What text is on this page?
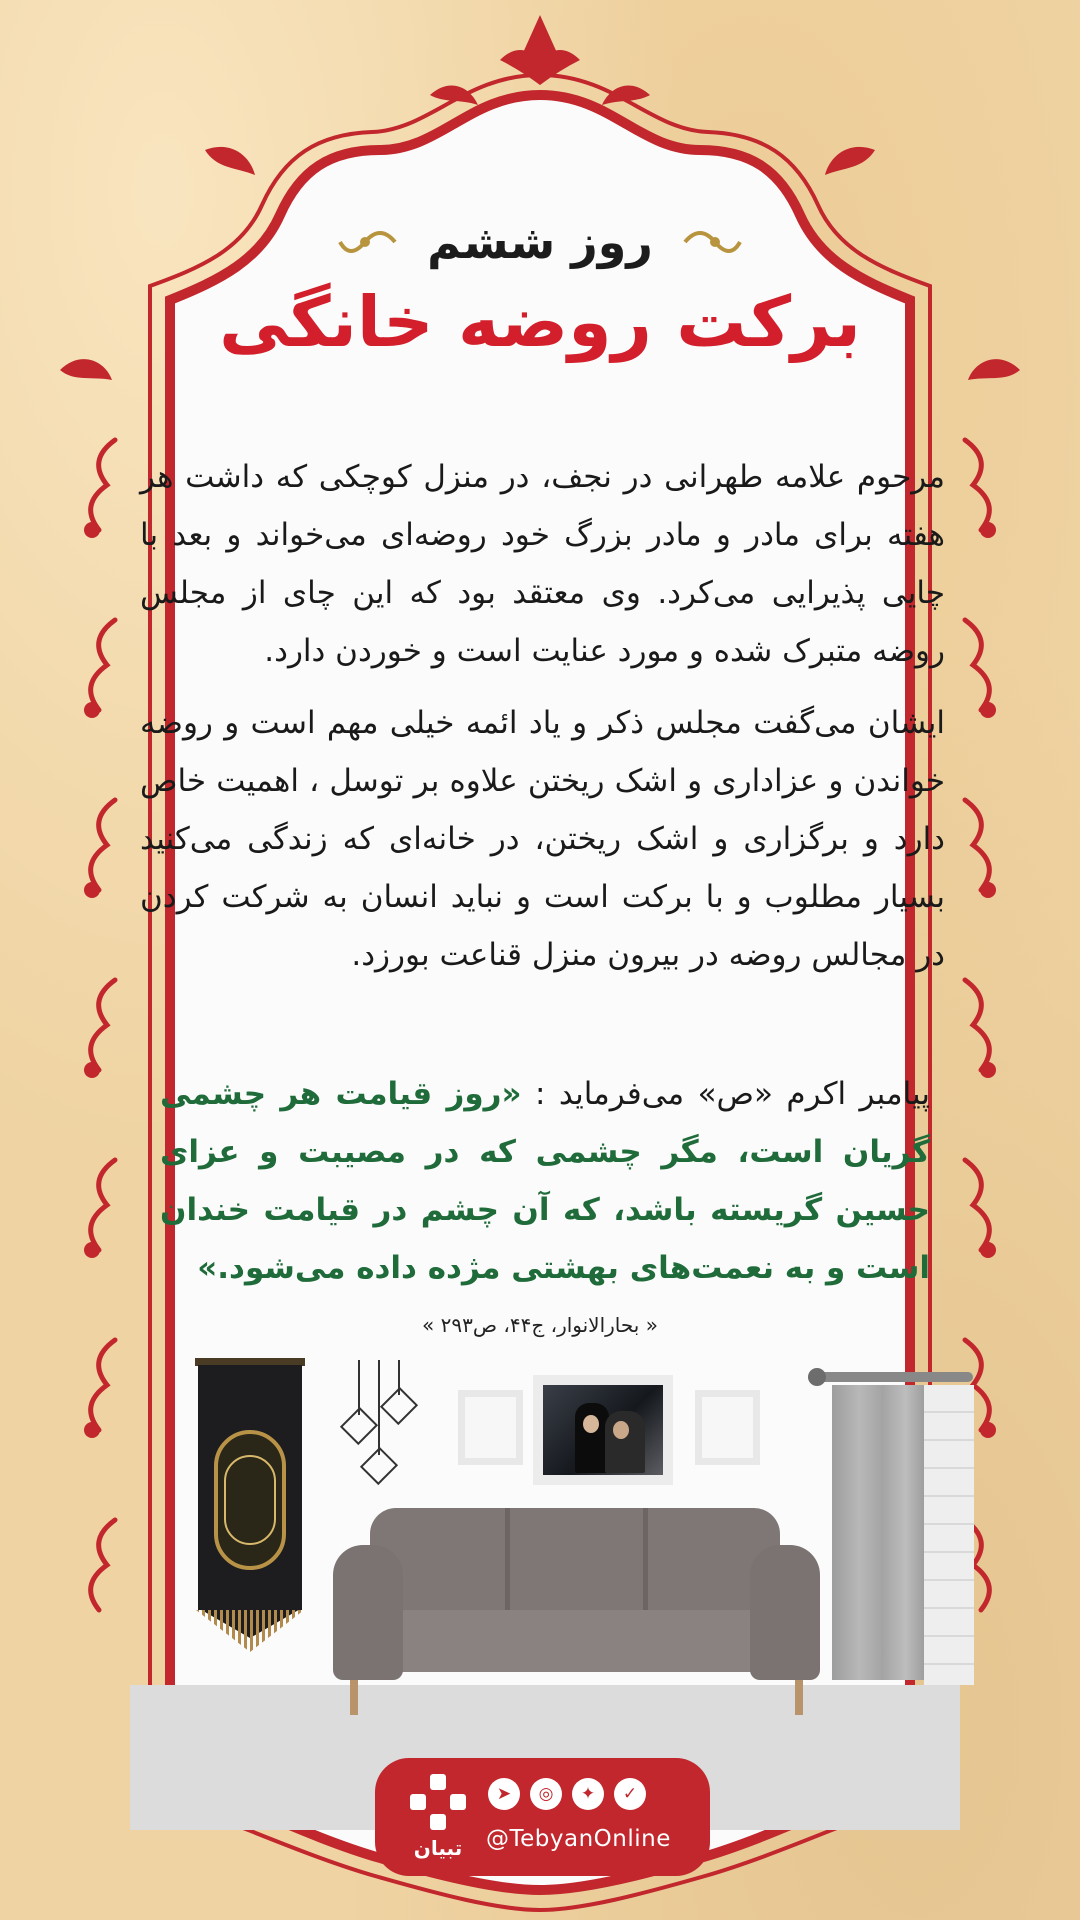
روز ششم
برکت روضه خانگی

مرحوم علامه طهرانی در نجف، در منزل کوچکی که داشت هر هفته برای مادر و مادر بزرگ خود روضه‌ای می‌خواند و بعد با چایی پذیرایی می‌کرد. وی معتقد بود که این چای از مجلس روضه متبرک شده و مورد عنایت است و خوردن دارد.

ایشان می‌گفت مجلس ذکر و یاد ائمه خیلی مهم است و روضه خواندن و عزاداری و اشک ریختن علاوه بر توسل ، اهمیت خاص دارد و برگزاری و اشک ریختن، در خانه‌ای که زندگی می‌کنید بسیار مطلوب و با برکت است و نباید انسان به شرکت کردن در مجالس روضه در بیرون منزل قناعت بورزد.

پیامبر اکرم «ص» می‌فرماید : «روز قیامت هر چشمی گریان است، مگر چشمی که در مصیبت و عزای حسین گریسته باشد، که آن چشم در قیامت خندان است و به نعمت‌های بهشتی مژده داده می‌شود.»
« بحارالانوار، ج۴۴، ص۲۹۳ »
تبیان
➤	◎	✦	✓
@TebyanOnline
